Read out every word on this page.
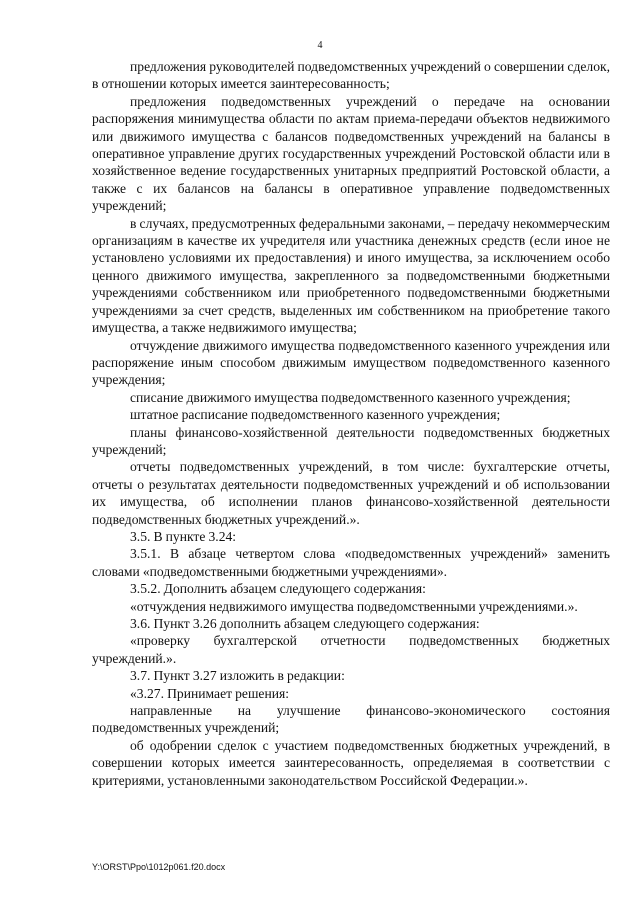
4

предложения руководителей подведомственных учреждений о совершении сделок, в отношении которых имеется заинтересованность;

предложения подведомственных учреждений о передаче на основании распоряжения минимущества области по актам приема-передачи объектов недвижимого или движимого имущества с балансов подведомственных учреждений на балансы в оперативное управление других государственных учреждений Ростовской области или в хозяйственное ведение государственных унитарных предприятий Ростовской области, а также с их балансов на балансы в оперативное управление подведомственных учреждений;

в случаях, предусмотренных федеральными законами, – передачу некоммерческим организациям в качестве их учредителя или участника денежных средств (если иное не установлено условиями их предоставления) и иного имущества, за исключением особо ценного движимого имущества, закрепленного за подведомственными бюджетными учреждениями собственником или приобретенного подведомственными бюджетными учреждениями за счет средств, выделенных им собственником на приобретение такого имущества, а также недвижимого имущества;

отчуждение движимого имущества подведомственного казенного учреждения или распоряжение иным способом движимым имуществом подведомственного казенного учреждения;

списание движимого имущества подведомственного казенного учреждения;

штатное расписание подведомственного казенного учреждения;

планы финансово-хозяйственной деятельности подведомственных бюджетных учреждений;

отчеты подведомственных учреждений, в том числе: бухгалтерские отчеты, отчеты о результатах деятельности подведомственных учреждений и об использовании их имущества, об исполнении планов финансово-хозяйственной деятельности подведомственных бюджетных учреждений.».

3.5. В пункте 3.24:

3.5.1. В абзаце четвертом слова «подведомственных учреждений» заменить словами «подведомственными бюджетными учреждениями».

3.5.2. Дополнить абзацем следующего содержания:

«отчуждения недвижимого имущества подведомственными учреждениями.».

3.6. Пункт 3.26 дополнить абзацем следующего содержания:

«проверку бухгалтерской отчетности подведомственных бюджетных учреждений.».

3.7. Пункт 3.27 изложить в редакции:

«3.27. Принимает решения:

направленные на улучшение финансово-экономического состояния подведомственных учреждений;

об одобрении сделок с участием подведомственных бюджетных учреждений, в совершении которых имеется заинтересованность, определяемая в соответствии с критериями, установленными законодательством Российской Федерации.».

Y:\ORST\Ppo\1012p061.f20.docx
